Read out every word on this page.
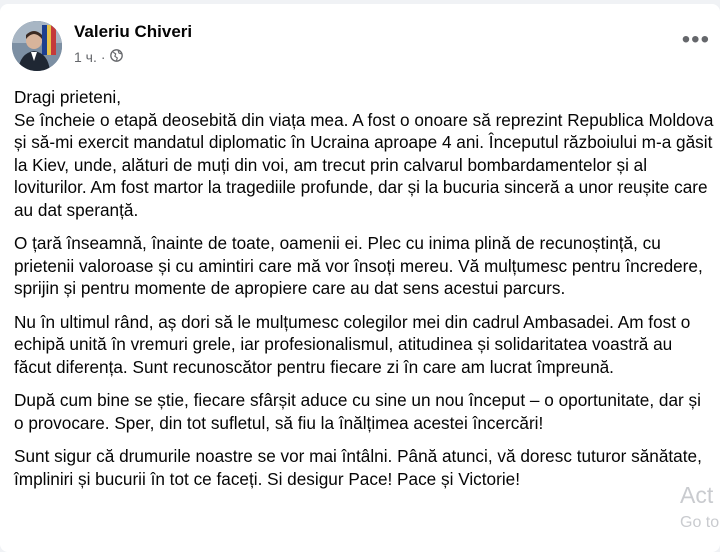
Valeriu Chiveri
1 ч. ·
•••

Dragi prieteni,
Se încheie o etapă deosebită din viața mea. A fost o onoare să reprezint Republica Moldova și să-mi exercit mandatul diplomatic în Ucraina aproape 4 ani. Începutul războiului m-a găsit la Kiev, unde, alături de muți din voi, am trecut prin calvarul bombardamentelor și al loviturilor. Am fost martor la tragediile profunde, dar și la bucuria sinceră a unor reușite care au dat speranță.

O țară înseamnă, înainte de toate, oamenii ei. Plec cu inima plină de recunoștință, cu prietenii valoroase și cu amintiri care mă vor însoți mereu. Vă mulțumesc pentru încredere, sprijin și pentru momente de apropiere care au dat sens acestui parcurs.

Nu în ultimul rând, aș dori să le mulțumesc colegilor mei din cadrul Ambasadei. Am fost o echipă unită în vremuri grele, iar profesionalismul, atitudinea și solidaritatea voastră au făcut diferența. Sunt recunoscător pentru fiecare zi în care am lucrat împreună.

După cum bine se știe, fiecare sfârșit aduce cu sine un nou început – o oportunitate, dar și o provocare. Sper, din tot sufletul, să fiu la înălțimea acestei încercări!

Sunt sigur că drumurile noastre se vor mai întâlni. Până atunci, vă doresc tuturor sănătate, împliniri și bucurii în tot ce faceți. Si desigur Pace! Pace și Victorie!

Act
Go to
